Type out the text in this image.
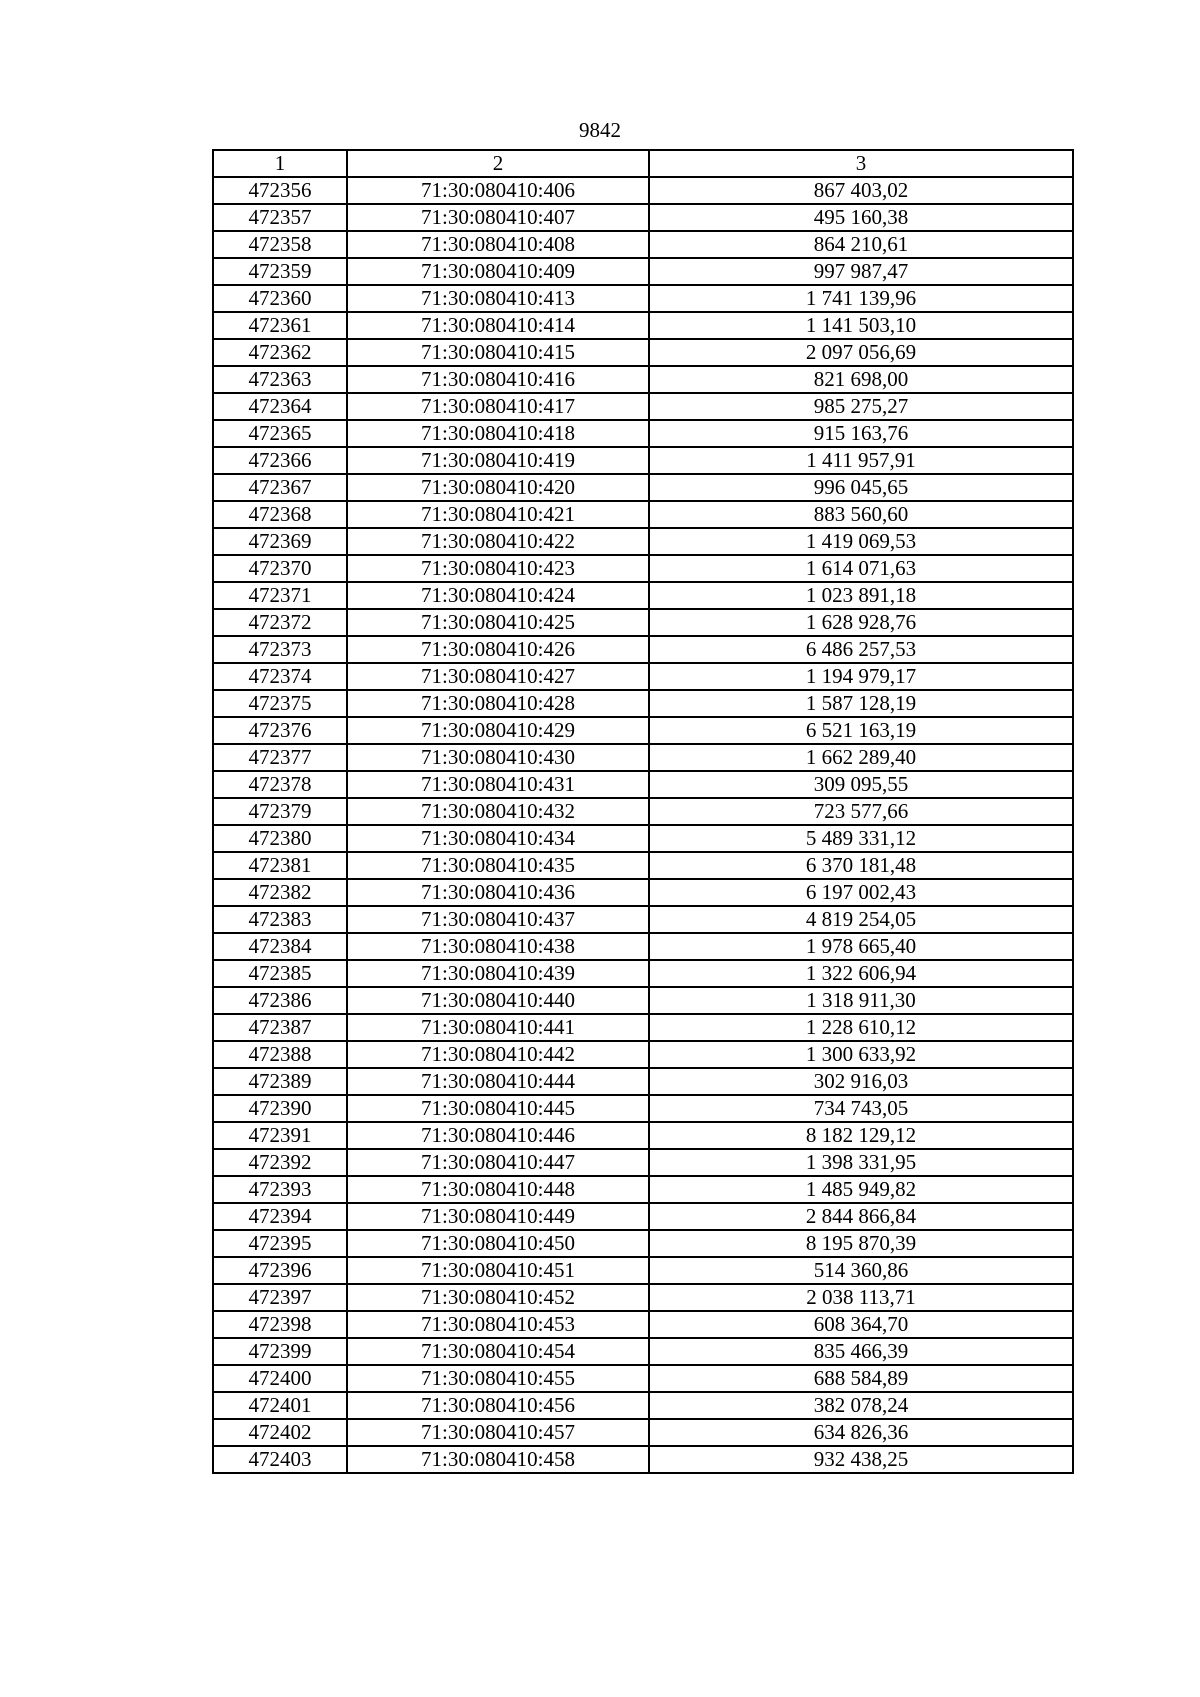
9842
1	2	3
472356	71:30:080410:406	867 403,02
472357	71:30:080410:407	495 160,38
472358	71:30:080410:408	864 210,61
472359	71:30:080410:409	997 987,47
472360	71:30:080410:413	1 741 139,96
472361	71:30:080410:414	1 141 503,10
472362	71:30:080410:415	2 097 056,69
472363	71:30:080410:416	821 698,00
472364	71:30:080410:417	985 275,27
472365	71:30:080410:418	915 163,76
472366	71:30:080410:419	1 411 957,91
472367	71:30:080410:420	996 045,65
472368	71:30:080410:421	883 560,60
472369	71:30:080410:422	1 419 069,53
472370	71:30:080410:423	1 614 071,63
472371	71:30:080410:424	1 023 891,18
472372	71:30:080410:425	1 628 928,76
472373	71:30:080410:426	6 486 257,53
472374	71:30:080410:427	1 194 979,17
472375	71:30:080410:428	1 587 128,19
472376	71:30:080410:429	6 521 163,19
472377	71:30:080410:430	1 662 289,40
472378	71:30:080410:431	309 095,55
472379	71:30:080410:432	723 577,66
472380	71:30:080410:434	5 489 331,12
472381	71:30:080410:435	6 370 181,48
472382	71:30:080410:436	6 197 002,43
472383	71:30:080410:437	4 819 254,05
472384	71:30:080410:438	1 978 665,40
472385	71:30:080410:439	1 322 606,94
472386	71:30:080410:440	1 318 911,30
472387	71:30:080410:441	1 228 610,12
472388	71:30:080410:442	1 300 633,92
472389	71:30:080410:444	302 916,03
472390	71:30:080410:445	734 743,05
472391	71:30:080410:446	8 182 129,12
472392	71:30:080410:447	1 398 331,95
472393	71:30:080410:448	1 485 949,82
472394	71:30:080410:449	2 844 866,84
472395	71:30:080410:450	8 195 870,39
472396	71:30:080410:451	514 360,86
472397	71:30:080410:452	2 038 113,71
472398	71:30:080410:453	608 364,70
472399	71:30:080410:454	835 466,39
472400	71:30:080410:455	688 584,89
472401	71:30:080410:456	382 078,24
472402	71:30:080410:457	634 826,36
472403	71:30:080410:458	932 438,25
